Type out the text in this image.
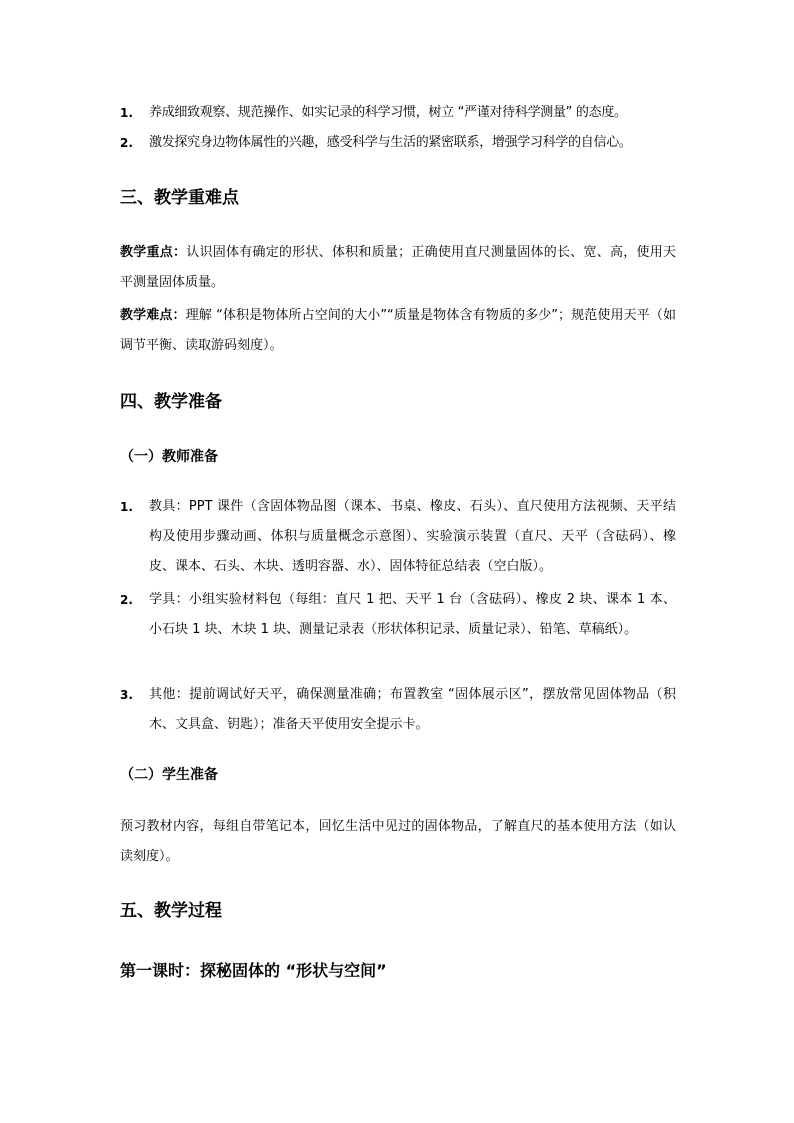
1. 养成细致观察、规范操作、如实记录的科学习惯，树立 “严谨对待科学测量” 的态度。
2. 激发探究身边物体属性的兴趣，感受科学与生活的紧密联系，增强学习科学的自信心。
三、教学重难点

教学重点：认识固体有确定的形状、体积和质量；正确使用直尺测量固体的长、宽、高，使用天平测量固体质量。

教学难点：理解 “体积是物体所占空间的大小”“质量是物体含有物质的多少”；规范使用天平（如调节平衡、读取游码刻度）。

四、教学准备
（一）教师准备
1. 教具：PPT 课件（含固体物品图（课本、书桌、橡皮、石头）、直尺使用方法视频、天平结构及使用步骤动画、体积与质量概念示意图）、实验演示装置（直尺、天平（含砝码）、橡皮、课本、石头、木块、透明容器、水）、固体特征总结表（空白版）。
2. 学具：小组实验材料包（每组：直尺 1 把、天平 1 台（含砝码）、橡皮 2 块、课本 1 本、小石块 1 块、木块 1 块、测量记录表（形状体积记录、质量记录）、铅笔、草稿纸）。
3. 其他：提前调试好天平，确保测量准确；布置教室 “固体展示区”，摆放常见固体物品（积木、文具盒、钥匙）；准备天平使用安全提示卡。
（二）学生准备

预习教材内容，每组自带笔记本，回忆生活中见过的固体物品，了解直尺的基本使用方法（如认读刻度）。

五、教学过程
第一课时：探秘固体的 “形状与空间”
